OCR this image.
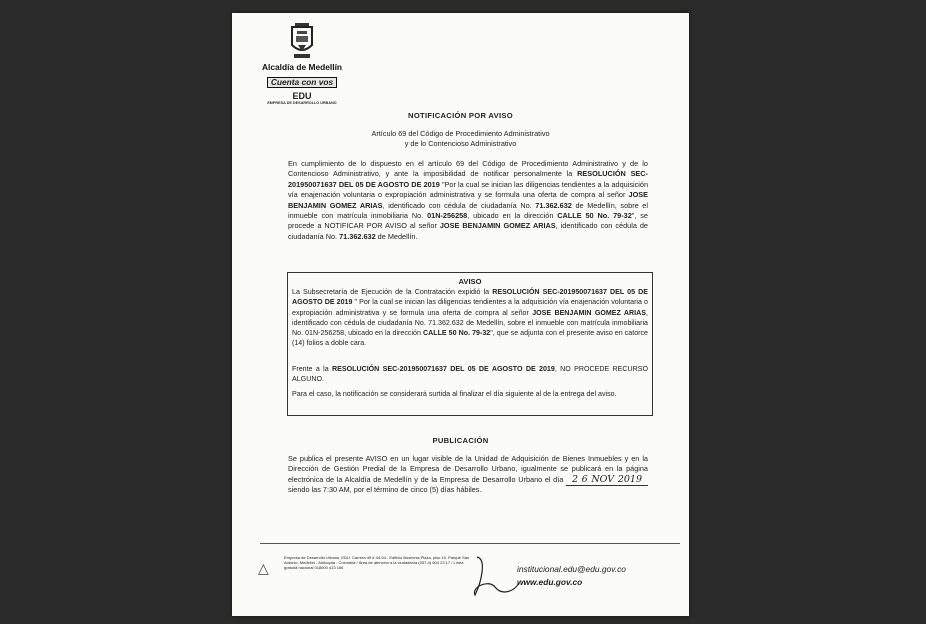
Alcaldía de Medellín
Cuenta con vos
EDU
EMPRESA DE DESARROLLO URBANO
NOTIFICACIÓN POR AVISO
Artículo 69 del Código de Procedimiento Administrativo
y de lo Contencioso Administrativo
En cumplimiento de lo dispuesto en el artículo 69 del Código de Procedimiento Administrativo y de lo Contencioso Administrativo, y ante la imposibilidad de notificar personalmente la RESOLUCIÓN SEC-201950071637 DEL 05 DE AGOSTO DE 2019 "Por la cual se inician las diligencias tendientes a la adquisición vía enajenación voluntaria o expropiación administrativa y se formula una oferta de compra al señor JOSE BENJAMIN GOMEZ ARIAS, identificado con cédula de ciudadanía No. 71.362.632 de Medellín, sobre el inmueble con matrícula inmobiliaria No. 01N-256258, ubicado en la dirección CALLE 50 No. 79-32", se procede a NOTIFICAR POR AVISO al señor JOSE BENJAMIN GOMEZ ARIAS, identificado con cédula de ciudadanía No. 71.362.632 de Medellín.
AVISO
La Subsecretaría de Ejecución de la Contratación expidió la RESOLUCIÓN SEC-201950071637 DEL 05 DE AGOSTO DE 2019 " Por la cual se inician las diligencias tendientes a la adquisición vía enajenación voluntaria o expropiación administrativa y se formula una oferta de compra al señor JOSE BENJAMIN GOMEZ ARIAS, identificado con cédula de ciudadanía No. 71.362.632 de Medellín, sobre el inmueble con matrícula inmobiliaria No. 01N-256258, ubicado en la dirección CALLE 50 No. 79-32", que se adjunta con el presente aviso en catorce (14) folios a doble cara.
Frente a la RESOLUCIÓN SEC-201950071637 DEL 05 DE AGOSTO DE 2019, NO PROCEDE RECURSO ALGUNO.
Para el caso, la notificación se considerará surtida al finalizar el día siguiente al de la entrega del aviso.
PUBLICACIÓN
Se publica el presente AVISO en un lugar visible de la Unidad de Adquisición de Bienes Inmuebles y en la Dirección de Gestión Predial de la Empresa de Desarrollo Urbano, igualmente se publicará en la página electrónica de la Alcaldía de Medellín y de la Empresa de Desarrollo Urbano el día 2 6 NOV 2019 siendo las 7:30 AM, por el término de cinco (5) días hábiles.
△
Empresa de Desarrollo Urbano, EDU. Carrera 49 # 44-94 - Edificio Business Plaza, piso 15. Parque San Antonio, Medellín - Antioquia - Colombia / Área de atención a la ciudadanía (057-4) 604 23 17 / Línea gratuita nacional 018000 413 166	institucional.edu@edu.gov.co
www.edu.gov.co
